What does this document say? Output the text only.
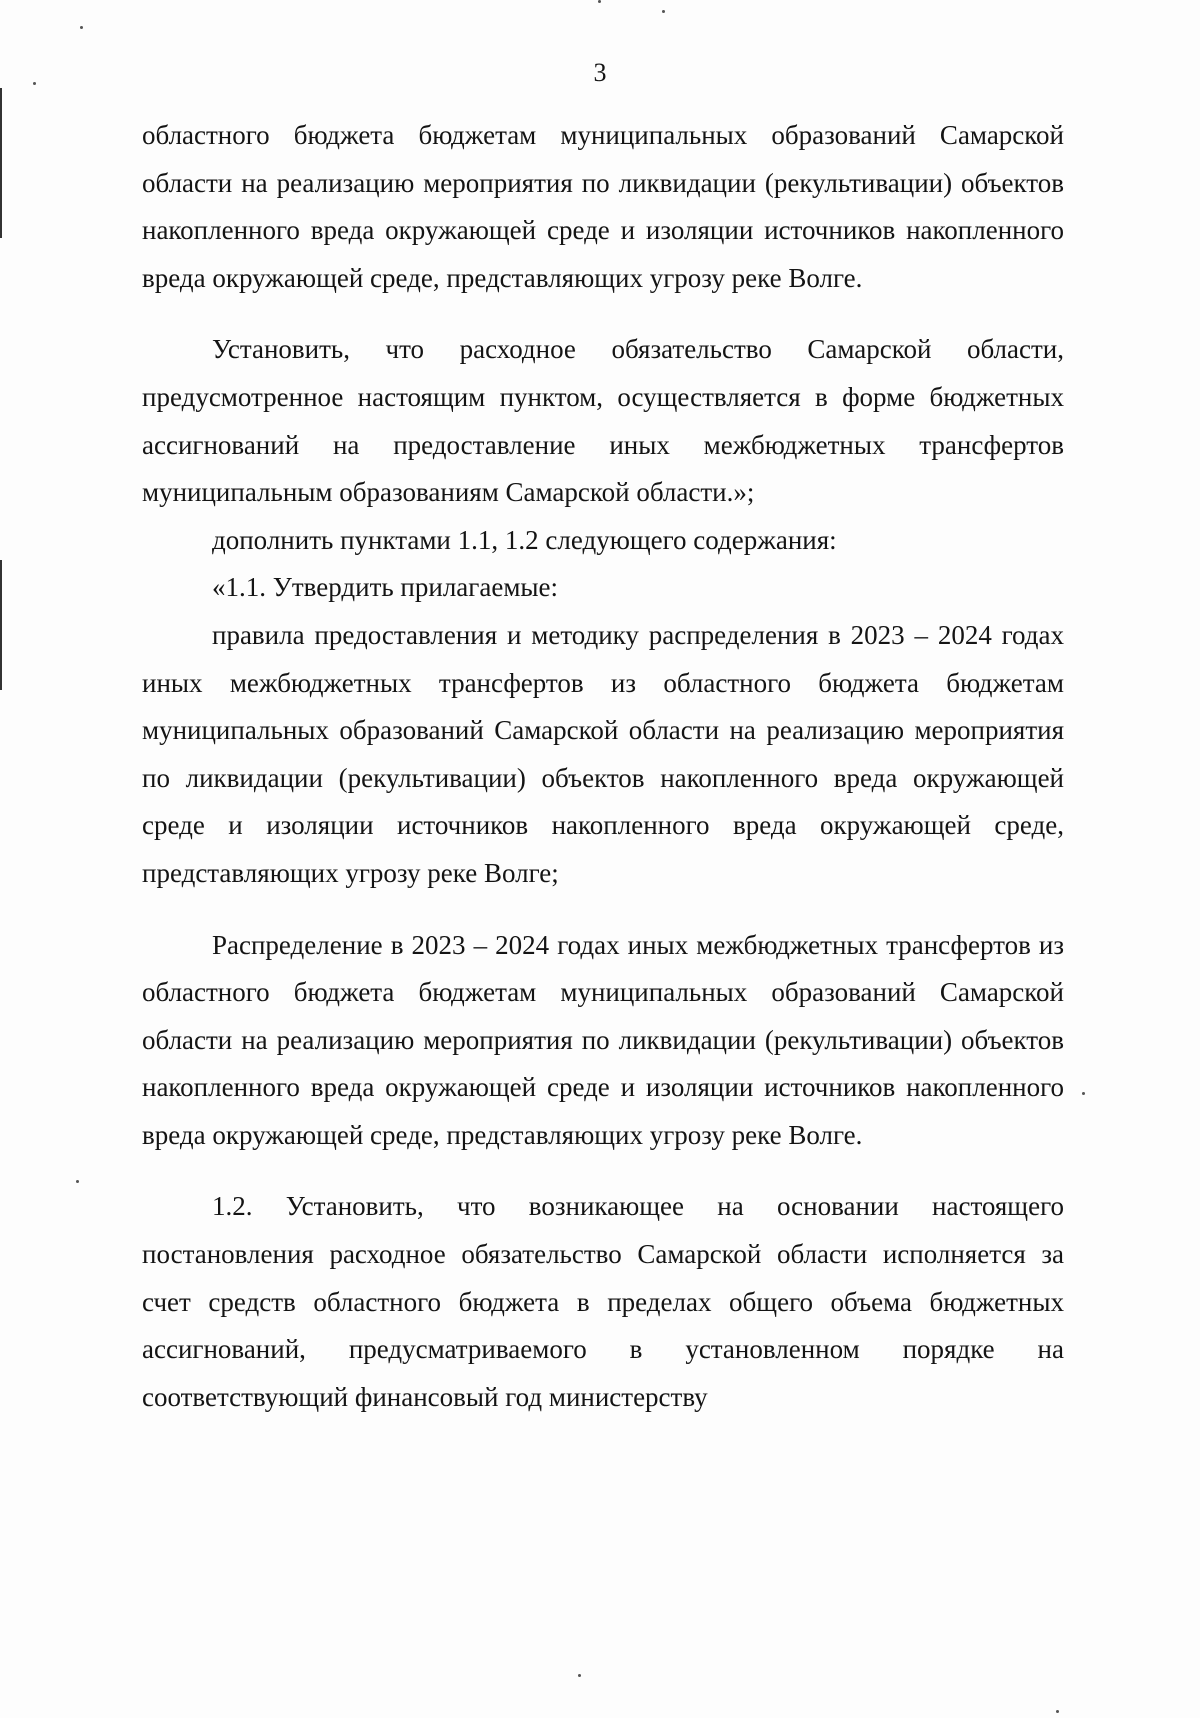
3

областного бюджета бюджетам муниципальных образований Самарской области на реализацию мероприятия по ликвидации (рекультивации) объектов накопленного вреда окружающей среде и изоляции источников накопленного вреда окружающей среде, представляющих угрозу реке Волге.

Установить, что расходное обязательство Самарской области, предусмотренное настоящим пунктом, осуществляется в форме бюджетных ассигнований на предоставление иных межбюджетных трансфертов муниципальным образованиям Самарской области.»;

дополнить пунктами 1.1, 1.2 следующего содержания:

«1.1. Утвердить прилагаемые:

правила предоставления и методику распределения в 2023 – 2024 годах иных межбюджетных трансфертов из областного бюджета бюджетам муниципальных образований Самарской области на реализацию мероприятия по ликвидации (рекультивации) объектов накопленного вреда окружающей среде и изоляции источников накопленного вреда окружающей среде, представляющих угрозу реке Волге;

Распределение в 2023 – 2024 годах иных межбюджетных трансфертов из областного бюджета бюджетам муниципальных образований Самарской области на реализацию мероприятия по ликвидации (рекультивации) объектов накопленного вреда окружающей среде и изоляции источников накопленного вреда окружающей среде, представляющих угрозу реке Волге.

1.2. Установить, что возникающее на основании настоящего постановления расходное обязательство Самарской области исполняется за счет средств областного бюджета в пределах общего объема бюджетных ассигнований, предусматриваемого в установленном порядке на соответствующий финансовый год министерству
